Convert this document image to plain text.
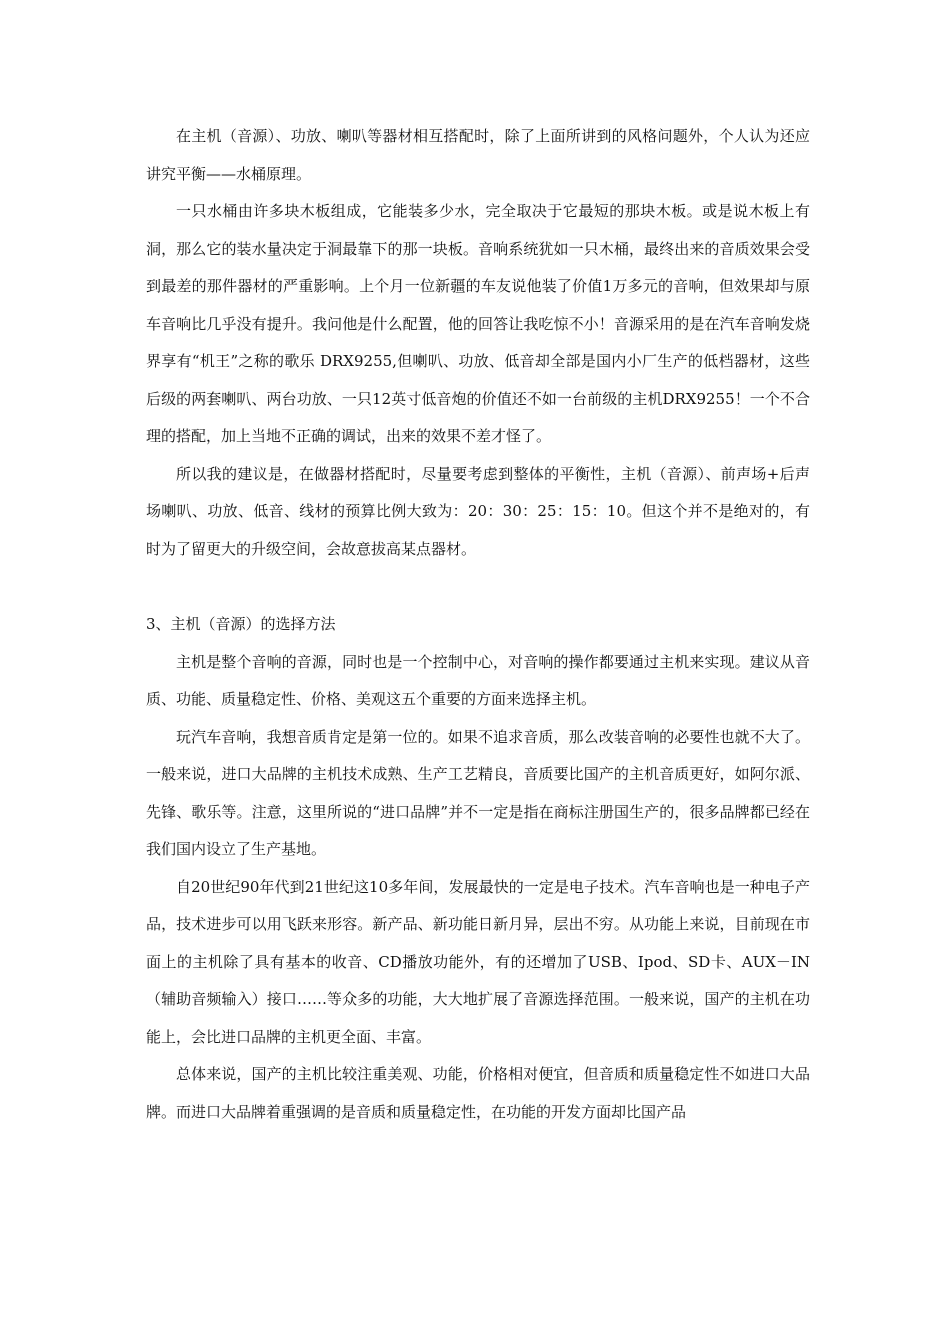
在主机（音源）、功放、喇叭等器材相互搭配时，除了上面所讲到的风格问题外，个人认为还应讲究平衡——水桶原理。

一只水桶由许多块木板组成，它能装多少水，完全取决于它最短的那块木板。或是说木板上有洞，那么它的装水量决定于洞最靠下的那一块板。音响系统犹如一只木桶，最终出来的音质效果会受到最差的那件器材的严重影响。上个月一位新疆的车友说他装了价值1万多元的音响，但效果却与原车音响比几乎没有提升。我问他是什么配置，他的回答让我吃惊不小！音源采用的是在汽车音响发烧界享有“机王”之称的歌乐 DRX9255,但喇叭、功放、低音却全部是国内小厂生产的低档器材，这些后级的两套喇叭、两台功放、一只12英寸低音炮的价值还不如一台前级的主机DRX9255！一个不合理的搭配，加上当地不正确的调试，出来的效果不差才怪了。

所以我的建议是，在做器材搭配时，尽量要考虑到整体的平衡性，主机（音源）、前声场+后声场喇叭、功放、低音、线材的预算比例大致为：20：30：25：15：10。但这个并不是绝对的，有时为了留更大的升级空间，会故意拔高某点器材。

3、主机（音源）的选择方法

主机是整个音响的音源，同时也是一个控制中心，对音响的操作都要通过主机来实现。建议从音质、功能、质量稳定性、价格、美观这五个重要的方面来选择主机。

玩汽车音响，我想音质肯定是第一位的。如果不追求音质，那么改装音响的必要性也就不大了。一般来说，进口大品牌的主机技术成熟、生产工艺精良，音质要比国产的主机音质更好，如阿尔派、先锋、歌乐等。注意，这里所说的“进口品牌”并不一定是指在商标注册国生产的，很多品牌都已经在我们国内设立了生产基地。

自20世纪90年代到21世纪这10多年间，发展最快的一定是电子技术。汽车音响也是一种电子产品，技术进步可以用飞跃来形容。新产品、新功能日新月异，层出不穷。从功能上来说，目前现在市面上的主机除了具有基本的收音、CD播放功能外，有的还增加了USB、Ipod、SD卡、AUX－IN（辅助音频输入）接口……等众多的功能，大大地扩展了音源选择范围。一般来说，国产的主机在功能上，会比进口品牌的主机更全面、丰富。

总体来说，国产的主机比较注重美观、功能，价格相对便宜，但音质和质量稳定性不如进口大品牌。而进口大品牌着重强调的是音质和质量稳定性，在功能的开发方面却比国产品
